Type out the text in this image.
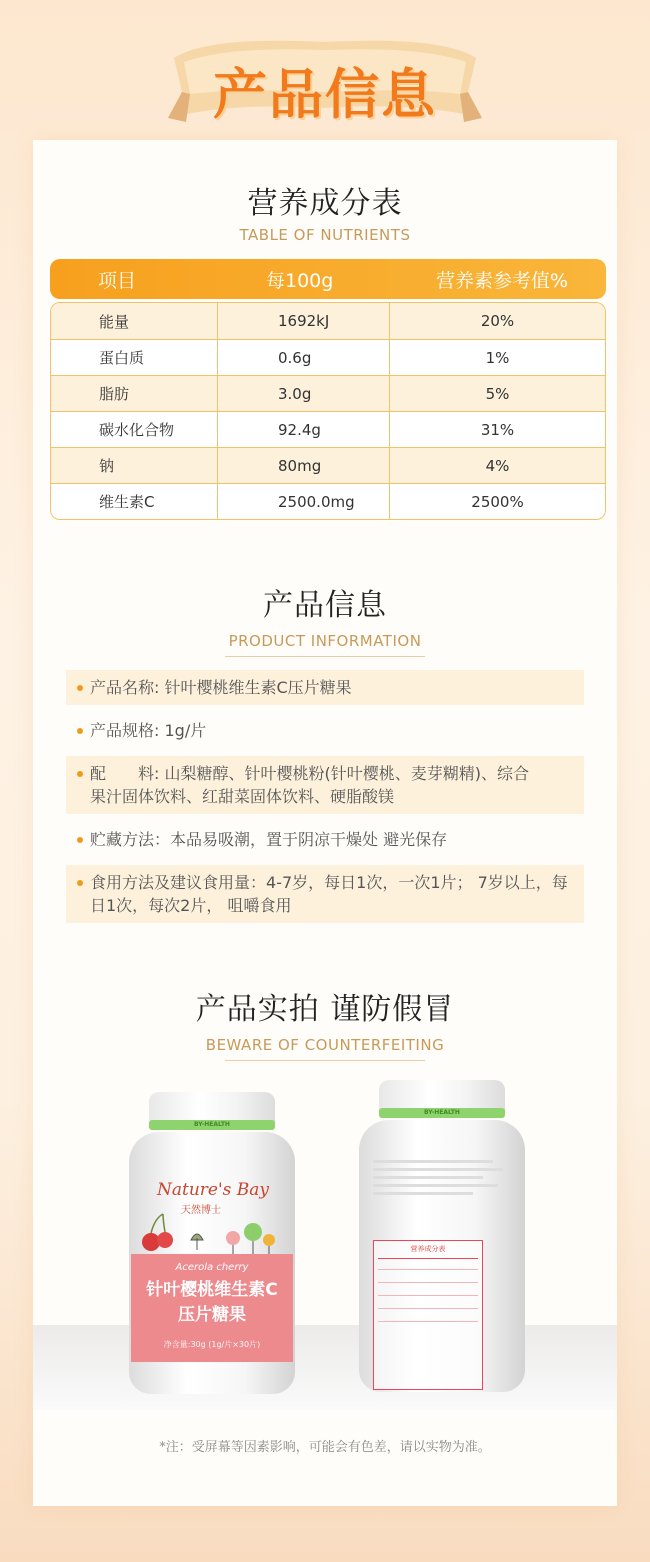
产品信息
营养成分表
TABLE OF NUTRIENTS
项目	每100g	营养素参考值%
能量	1692kJ	20%
蛋白质	0.6g	1%
脂肪	3.0g	5%
碳水化合物	92.4g	31%
钠	80mg	4%
维生素C	2500.0mg	2500%
产品信息
PRODUCT INFORMATION
产品名称: 针叶樱桃维生素C压片糖果
产品规格: 1g/片
配　　料: 山梨糖醇、针叶樱桃粉(针叶樱桃、麦芽糊精)、综合果汁固体饮料、红甜菜固体饮料、硬脂酸镁
贮藏方法：本品易吸潮，置于阴凉干燥处 避光保存
食用方法及建议食用量：4-7岁，每日1次，一次1片； 7岁以上，每日1次，每次2片， 咀嚼食用
产品实拍 谨防假冒
BEWARE OF COUNTERFEITING
BY-HEALTH
Nature's Bay
天然博士
Acerola cherry
针叶樱桃维生素C
压片糖果
净含量:30g (1g/片×30片)
BY-HEALTH
营养成分表
*注：受屏幕等因素影响，可能会有色差，请以实物为准。
